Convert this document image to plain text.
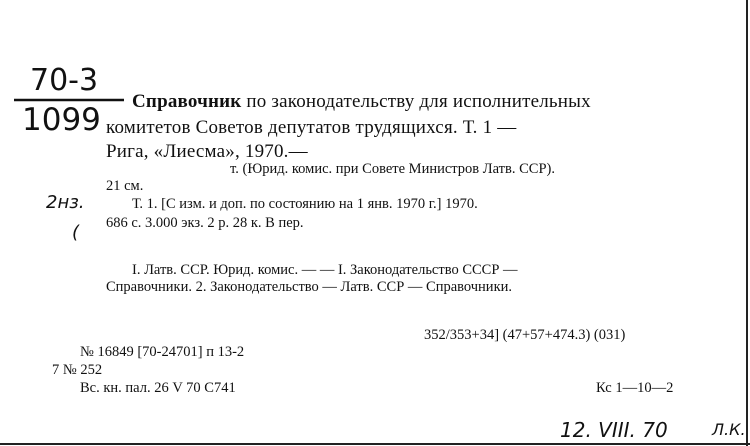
70-3
1099
Справочник по законодательству для исполнительных
комитетов Советов депутатов трудящихся. Т. 1 —
Рига, «Лиесма», 1970.—
т. (Юрид. комис. при Совете Министров Латв. ССР).
21 см.
2нз.
(
Т. 1. [С изм. и доп. по состоянию на 1 янв. 1970 г.] 1970.
686 с. 3.000 экз. 2 р. 28 к. В пер.
I. Латв. ССР. Юрид. комис. — — I. Законодательство СССР —
Справочники. 2. Законодательство — Латв. ССР — Справочники.
352/353+34] (47+57+474.3) (031)
№ 16849 [70-24701] п 13-2
7 № 252
Вс. кн. пал. 26 V 70 С741	Кс 1—10—2
12. VIII. 70	Л.К.
